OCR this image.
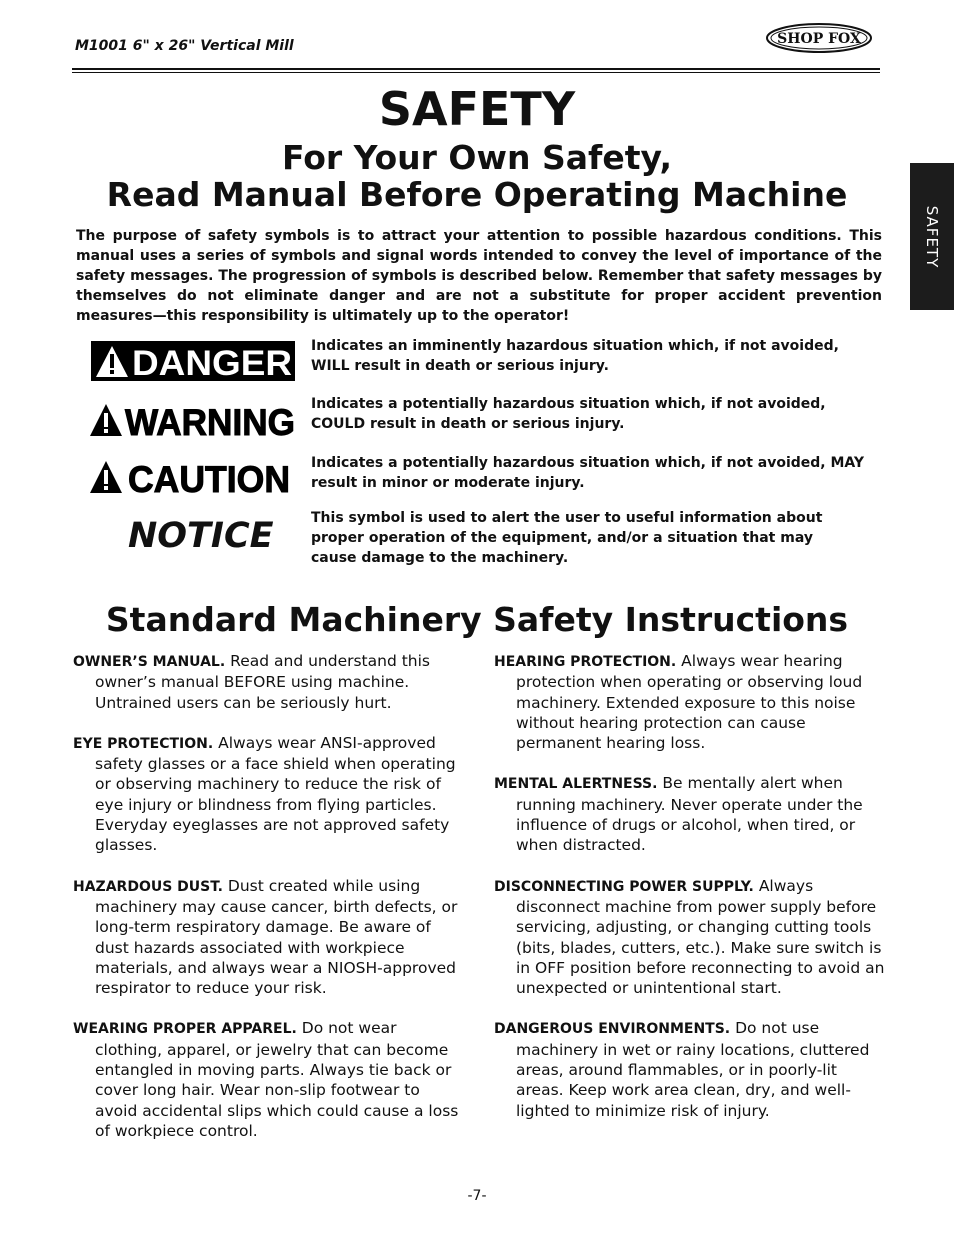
M1001 6" x 26" Vertical Mill	SHOP FOX
SAFETY
SAFETY
For Your Own Safety,
Read Manual Before Operating Machine

The purpose of safety symbols is to attract your attention to possible hazardous conditions. This manual uses a series of symbols and signal words intended to convey the level of importance of the safety messages. The progression of symbols is described below. Remember that safety messages by themselves do not eliminate danger and are not a substitute for proper accident prevention measures—this responsibility is ultimately up to the operator!

DANGER Indicates an imminently hazardous situation which, if not avoided, WILL result in death or serious injury.
WARNING Indicates a potentially hazardous situation which, if not avoided, COULD result in death or serious injury.
CAUTION Indicates a potentially hazardous situation which, if not avoided, MAY result in minor or moderate injury.
NOTICE	This symbol is used to alert the user to useful information about proper operation of the equipment, and/or a situation that may cause damage to the machinery.
Standard Machinery Safety Instructions

OWNER’S MANUAL. Read and understand this owner’s manual BEFORE using machine. Untrained users can be seriously hurt.

EYE PROTECTION. Always wear ANSI-approved safety glasses or a face shield when operating or observing machinery to reduce the risk of eye injury or blindness from flying particles. Everyday eyeglasses are not approved safety glasses.

HAZARDOUS DUST. Dust created while using machinery may cause cancer, birth defects, or long-term respiratory damage. Be aware of dust hazards associated with workpiece materials, and always wear a NIOSH-approved respirator to reduce your risk.

WEARING PROPER APPAREL. Do not wear clothing, apparel, or jewelry that can become entangled in moving parts. Always tie back or cover long hair. Wear non-slip footwear to avoid accidental slips which could cause a loss of workpiece control.

HEARING PROTECTION. Always wear hearing protection when operating or observing loud machinery. Extended exposure to this noise without hearing protection can cause permanent hearing loss.

MENTAL ALERTNESS. Be mentally alert when running machinery. Never operate under the influence of drugs or alcohol, when tired, or when distracted.

DISCONNECTING POWER SUPPLY. Always disconnect machine from power supply before servicing, adjusting, or changing cutting tools (bits, blades, cutters, etc.). Make sure switch is in OFF position before reconnecting to avoid an unexpected or unintentional start.

DANGEROUS ENVIRONMENTS. Do not use machinery in wet or rainy locations, cluttered areas, around flammables, or in poorly-lit areas. Keep work area clean, dry, and well-lighted to minimize risk of injury.

-7-
